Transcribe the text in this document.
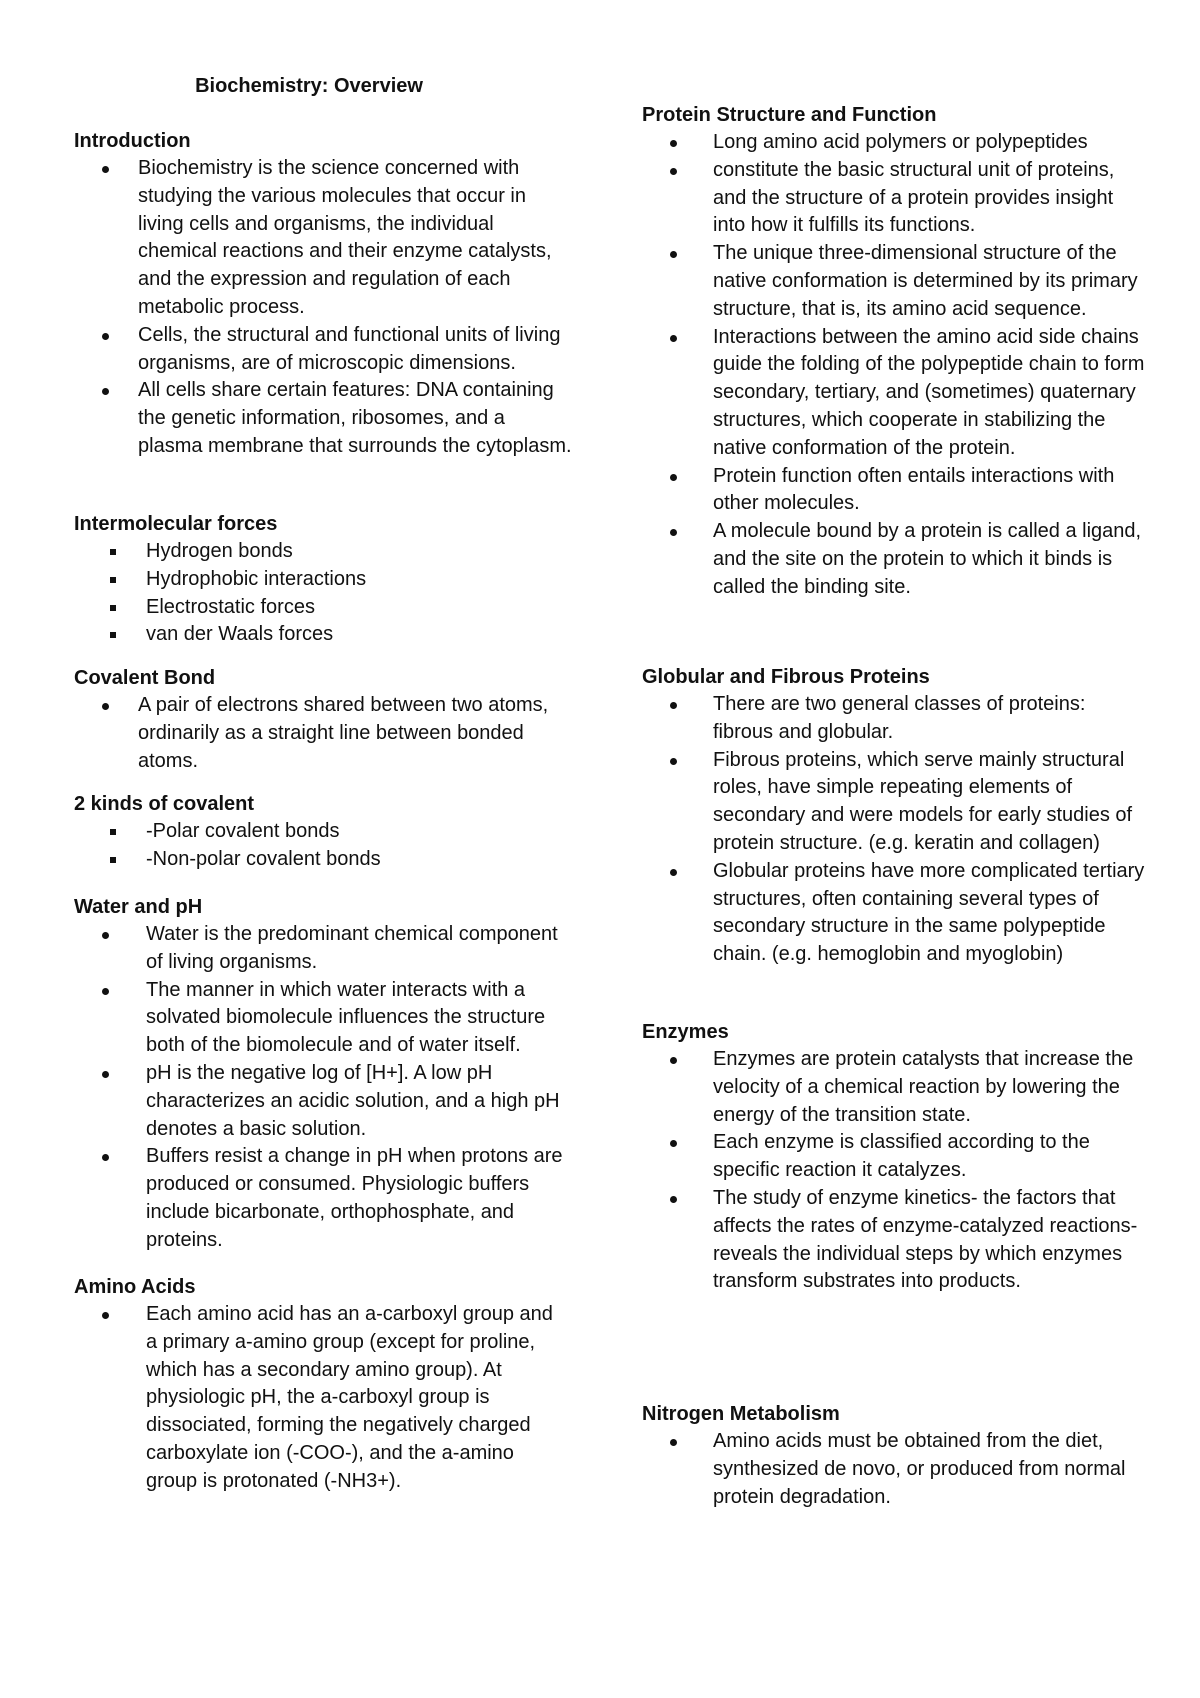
Biochemistry: Overview
Introduction
Biochemistry is the science concerned with studying the various molecules that occur in living cells and organisms, the individual chemical reactions and their enzyme catalysts, and the expression and regulation of each metabolic process.
Cells, the structural and functional units of living organisms, are of microscopic dimensions.
All cells share certain features: DNA containing the genetic information, ribosomes, and a plasma membrane that surrounds the cytoplasm.
Intermolecular forces
Hydrogen bonds
Hydrophobic interactions
Electrostatic forces
van der Waals forces
Covalent Bond
A pair of electrons shared between two atoms, ordinarily as a straight line between bonded atoms.
2 kinds of covalent
-Polar covalent bonds
-Non-polar covalent bonds
Water and pH
Water is the predominant chemical component of living organisms.
The manner in which water interacts with a solvated biomolecule influences the structure both of the biomolecule and of water itself.
pH is the negative log of [H+]. A low pH characterizes an acidic solution, and a high pH denotes a basic solution.
Buffers resist a change in pH when protons are produced or consumed. Physiologic buffers include bicarbonate, orthophosphate, and proteins.
Amino Acids
Each amino acid has an a-carboxyl group and a primary a-amino group (except for proline, which has a secondary amino group). At physiologic pH, the a-carboxyl group is dissociated, forming the negatively charged carboxylate ion (-COO-), and the a-amino group is protonated (-NH3+).
Protein Structure and Function
Long amino acid polymers or polypeptides
constitute the basic structural unit of proteins, and the structure of a protein provides insight into how it fulfills its functions.
The unique three-dimensional structure of the native conformation is determined by its primary structure, that is, its amino acid sequence.
Interactions between the amino acid side chains guide the folding of the polypeptide chain to form secondary, tertiary, and (sometimes) quaternary structures, which cooperate in stabilizing the native conformation of the protein.
Protein function often entails interactions with other molecules.
A molecule bound by a protein is called a ligand, and the site on the protein to which it binds is called the binding site.
Globular and Fibrous Proteins
There are two general classes of proteins: fibrous and globular.
Fibrous proteins, which serve mainly structural roles, have simple repeating elements of secondary and were models for early studies of protein structure. (e.g. keratin and collagen)
Globular proteins have more complicated tertiary structures, often containing several types of secondary structure in the same polypeptide chain. (e.g. hemoglobin and myoglobin)
Enzymes
Enzymes are protein catalysts that increase the velocity of a chemical reaction by lowering the energy of the transition state.
Each enzyme is classified according to the specific reaction it catalyzes.
The study of enzyme kinetics- the factors that affects the rates of enzyme-catalyzed reactions- reveals the individual steps by which enzymes transform substrates into products.
Nitrogen Metabolism
Amino acids must be obtained from the diet, synthesized de novo, or produced from normal protein degradation.
